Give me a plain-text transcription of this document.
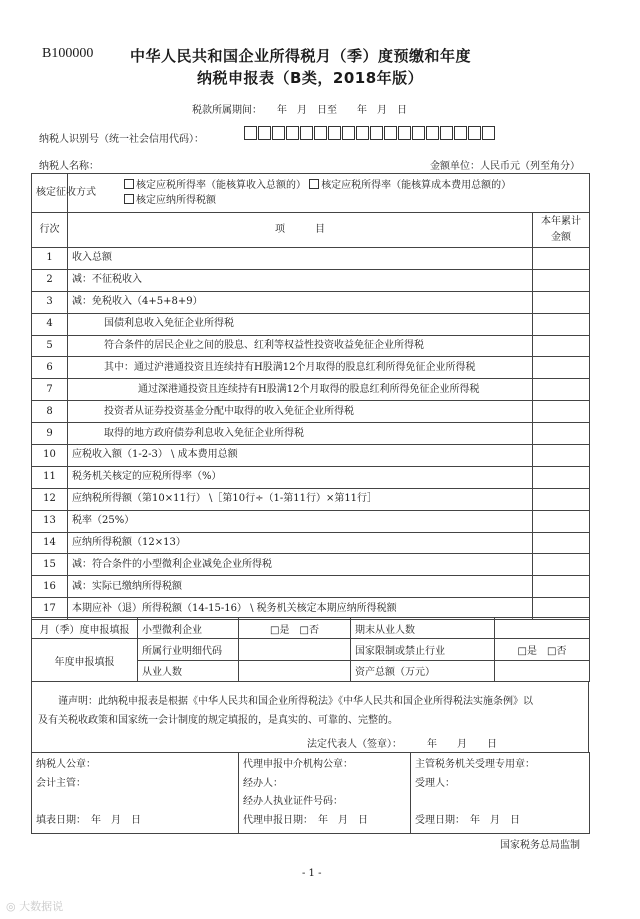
B100000 中华人民共和国企业所得税月（季）度预缴和年度
纳税申报表（B类，2018年版）
税款所属期间：　　年　月　日至　　年　月　日
纳税人识别号（统一社会信用代码）：
纳税人名称：	金额单位：人民币元（列至角分）
核定征收方式	核定应税所得率（能核算收入总额的） 核定应税所得率（能核算成本费用总额的）
核定应纳所得税额	

行次	项　　　目	本年累计
金额

1	收入总额	
2	减：不征税收入	
3	减：免税收入（4+5+8+9）	
4	国债利息收入免征企业所得税	
5	符合条件的居民企业之间的股息、红利等权益性投资收益免征企业所得税	
6	其中：通过沪港通投资且连续持有H股满12个月取得的股息红利所得免征企业所得税	
7	通过深港通投资且连续持有H股满12个月取得的股息红利所得免征企业所得税	
8	投资者从证券投资基金分配中取得的收入免征企业所得税	
9	取得的地方政府债券利息收入免征企业所得税	
10	应税收入额（1-2-3） \ 成本费用总额	
11	税务机关核定的应税所得率（%）	
12	应纳税所得额（第10×11行） \［第10行÷（1-第11行）×第11行］	
13	税率（25%）	
14	应纳所得税额（12×13）	
15	减：符合条件的小型微利企业减免企业所得税	
16	减：实际已缴纳所得税额	
17	本期应补（退）所得税额（14-15-16） \ 税务机关核定本期应纳所得税额	
月（季）度申报填报	小型微利企业	□是　□否	期末从业人数	
年度申报填报	所属行业明细代码		国家限制或禁止行业	□是　□否
	从业人数		资产总额（万元）	
谨声明：此纳税申报表是根据《中华人民共和国企业所得税法》《中华人民共和国企业所得税法实施条例》以
及有关税收政策和国家统一会计制度的规定填报的，是真实的、可靠的、完整的。
法定代表人（签章）：　　　年　　月　　日
纳税人公章：
会计主管：
填表日期：　年　月　日

代理申报中介机构公章：
经办人：
经办人执业证件号码：
代理申报日期：　年　月　日

主管税务机关受理专用章：
受理人：
受理日期：　年　月　日
国家税务总局监制
- 1 -
◎ 大数据说
